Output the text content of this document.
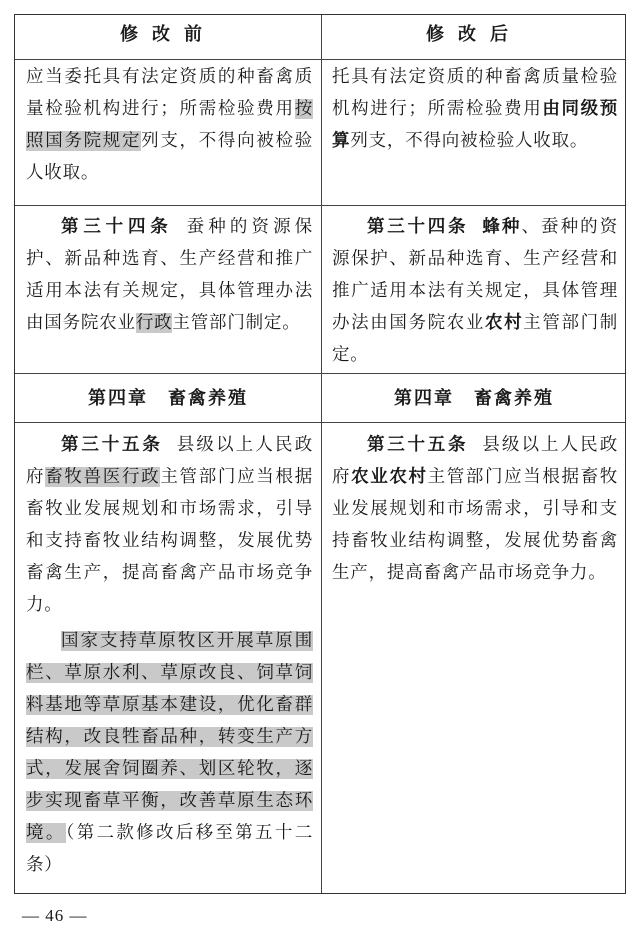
修改前	修改后

应当委托具有法定资质的种畜禽质量检验机构进行；所需检验费用按照国务院规定列支，不得向被检验人收取。

托具有法定资质的种畜禽质量检验机构进行；所需检验费用由同级预算列支，不得向被检验人收取。

第三十四条 蚕种的资源保护、新品种选育、生产经营和推广适用本法有关规定，具体管理办法由国务院农业行政主管部门制定。

第三十四条 蜂种、蚕种的资源保护、新品种选育、生产经营和推广适用本法有关规定，具体管理办法由国务院农业农村主管部门制定。

第四章　畜禽养殖	第四章　畜禽养殖

第三十五条 县级以上人民政府畜牧兽医行政主管部门应当根据畜牧业发展规划和市场需求，引导和支持畜牧业结构调整，发展优势畜禽生产，提高畜禽产品市场竞争力。

国家支持草原牧区开展草原围栏、草原水利、草原改良、饲草饲料基地等草原基本建设，优化畜群结构，改良牲畜品种，转变生产方式，发展舍饲圈养、划区轮牧，逐步实现畜草平衡，改善草原生态环境。（第二款修改后移至第五十二条）

第三十五条 县级以上人民政府农业农村主管部门应当根据畜牧业发展规划和市场需求，引导和支持畜牧业结构调整，发展优势畜禽生产，提高畜禽产品市场竞争力。

— 46 —
